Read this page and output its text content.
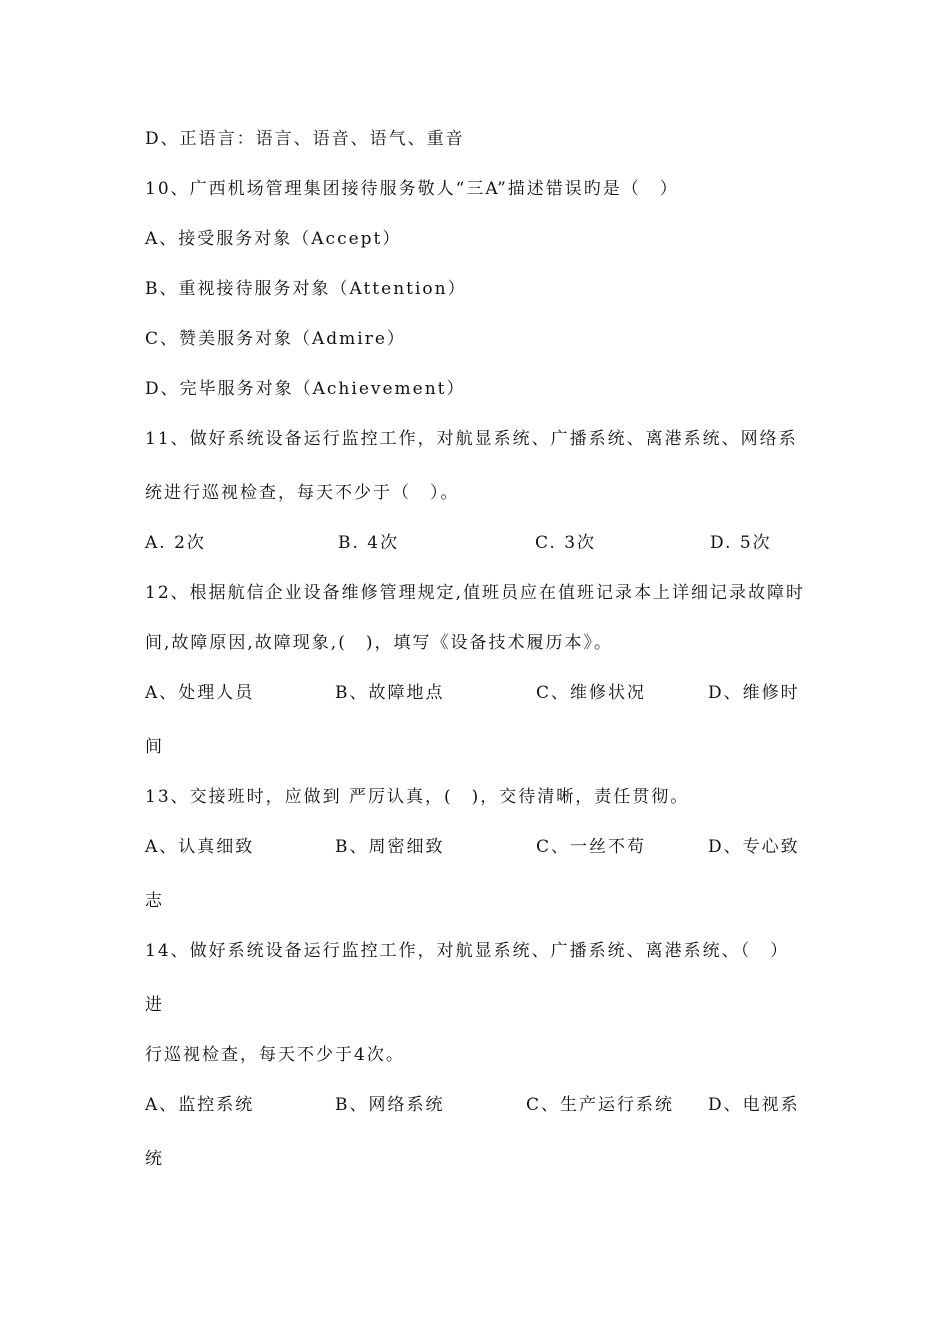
D、正语言：语言、语音、语气、重音
10、广西机场管理集团接待服务敬人“三A”描述错误旳是（　）
A、接受服务对象（Accept）
B、重视接待服务对象（Attention）
C、赞美服务对象（Admire）
D、完毕服务对象（Achievement）
11、做好系统设备运行监控工作，对航显系统、广播系统、离港系统、网络系
统进行巡视检查，每天不少于（　）。
A. 2次	B. 4次	C. 3次	D. 5次
12、根据航信企业设备维修管理规定,值班员应在值班记录本上详细记录故障时
间,故障原因,故障现象,(　)，填写《设备技术履历本》。
A、处理人员	B、故障地点	C、维修状况	D、维修时
间
13、交接班时，应做到 严厉认真，(　)，交待清晰，责任贯彻。
A、认真细致	B、周密细致	C、一丝不苟	D、专心致
志
14、做好系统设备运行监控工作，对航显系统、广播系统、离港系统、（　）
进
行巡视检查，每天不少于4次。
A、监控系统	B、网络系统	C、生产运行系统 D、电视系
统
